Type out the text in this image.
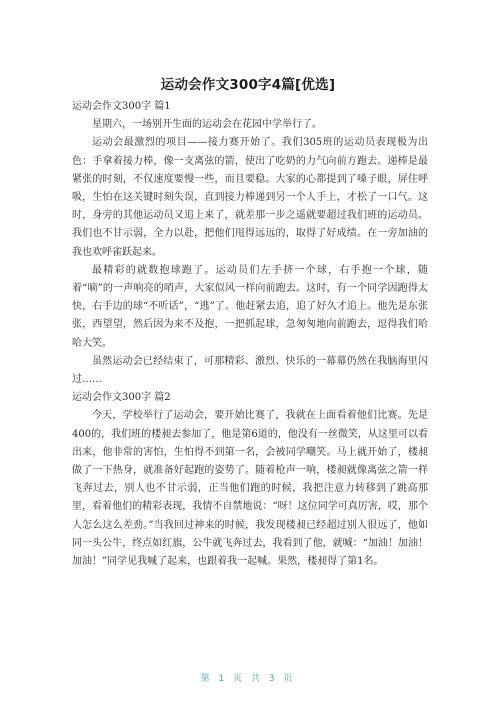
运动会作文300字4篇[优选]

运动会作文300字 篇1

星期六，一场别开生面的运动会在花园中学举行了。

运动会最激烈的项目——接力赛开始了。我们305班的运动员表现极为出色：手拿着接力棒，像一支离弦的箭，使出了吃奶的力气向前方跑去。递棒是最紧张的时刻，不仅速度要慢一些，而且要稳。大家的心都提到了嗓子眼，屏住呼吸，生怕在这关键时刻失误，直到接力棒递到另一个人手上，才松了一口气。这时，身旁的其他运动员又追上来了，就差那一步之遥就要超过我们班的运动员。我们也不甘示弱，全力以赴，把他们甩得远远的，取得了好成绩。在一旁加油的我也欢呼雀跃起来。

最精彩的就数抱球跑了。运动员们左手挤一个球，右手抱一个球，随着“嘀”的一声响亮的哨声，大家似风一样向前跑去。这时，有一个同学因跑得太快，右手边的球“不听话”，“逃”了。他赶紧去追，追了好久才追上。他先是东张张，西望望，然后因为来不及抱，一把抓起球，急匆匆地向前跑去，逗得我们哈哈大笑。

虽然运动会已经结束了，可那精彩、激烈、快乐的一幕幕仍然在我脑海里闪过……

运动会作文300字 篇2

今天，学校举行了运动会，要开始比赛了，我就在上面看着他们比赛。先是400的，我们班的楼昶去参加了，他是第6道的，他没有一丝微笑，从这里可以看出来，他非常的害怕，生怕得不到第一名，会被同学嘲笑。马上就开始了，楼昶做了一下热身，就准备好起跑的姿势了。随着枪声一响，楼昶就像离弦之箭一样飞奔过去，别人也不甘示弱，正当他们跑的时候，我把注意力转移到了跳高那里，看着他们的精彩表现，我情不自禁地说：“呀！这位同学可真厉害，哎，那个人怎么这么差劲。”当我回过神来的时候，我发现楼昶已经超过别人很远了，他如同一头公牛，终点如红旗，公牛就飞奔过去，我看到了他，就喊：“加油！加油！加油！”同学见我喊了起来，也跟着我一起喊。果然，楼昶得了第1名。

第 1 页 共 3 页
